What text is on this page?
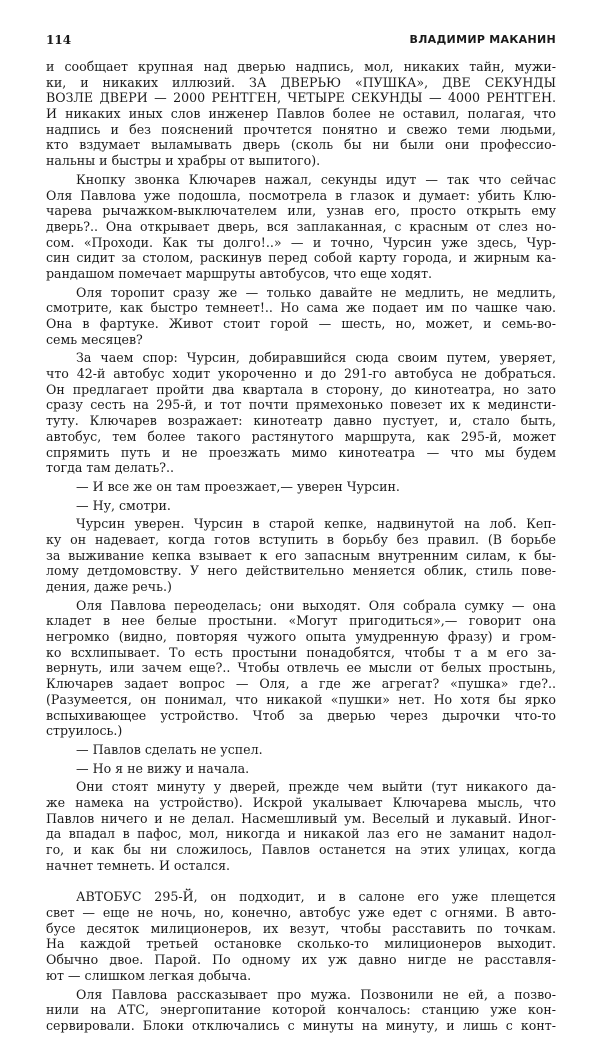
114	ВЛАДИМИР МАКАНИН
и сообщает крупная над дверью надпись, мол, никаких тайн, мужи-
ки, и никаких иллюзий. ЗА ДВЕРЬЮ «ПУШКА», ДВЕ СЕКУНДЫ
ВОЗЛЕ ДВЕРИ — 2000 РЕНТГЕН, ЧЕТЫРЕ СЕКУНДЫ — 4000 РЕНТГЕН.
И никаких иных слов инженер Павлов более не оставил, полагая, что
надпись и без пояснений прочтется понятно и свежо теми людьми,
кто вздумает выламывать дверь (сколь бы ни были они профессио-
нальны и быстры и храбры от выпитого).
Кнопку звонка Ключарев нажал, секунды идут — так что сейчас
Оля Павлова уже подошла, посмотрела в глазок и думает: убить Клю-
чарева рычажком-выключателем или, узнав его, просто открыть ему
дверь?.. Она открывает дверь, вся заплаканная, с красным от слез но-
сом. «Проходи. Как ты долго!..» — и точно, Чурсин уже здесь, Чур-
син сидит за столом, раскинув перед собой карту города, и жирным ка-
рандашом помечает маршруты автобусов, что еще ходят.
Оля торопит сразу же — только давайте не медлить, не медлить,
смотрите, как быстро темнеет!.. Но сама же подает им по чашке чаю.
Она в фартуке. Живот стоит горой — шесть, но, может, и семь-во-
семь месяцев?
За чаем спор: Чурсин, добиравшийся сюда своим путем, уверяет,
что 42-й автобус ходит укороченно и до 291-го автобуса не добраться.
Он предлагает пройти два квартала в сторону, до кинотеатра, но зато
сразу сесть на 295-й, и тот почти прямехонько повезет их к мединсти-
туту. Ключарев возражает: кинотеатр давно пустует, и, стало быть,
автобус, тем более такого растянутого маршрута, как 295-й, может
спрямить путь и не проезжать мимо кинотеатра — что мы будем
тогда там делать?..
— И все же он там проезжает,— уверен Чурсин.
— Ну, смотри.
Чурсин уверен. Чурсин в старой кепке, надвинутой на лоб. Кеп-
ку он надевает, когда готов вступить в борьбу без правил. (В борьбе
за выживание кепка взывает к его запасным внутренним силам, к бы-
лому детдомовству. У него действительно меняется облик, стиль пове-
дения, даже речь.)
Оля Павлова переоделась; они выходят. Оля собрала сумку — она
кладет в нее белые простыни. «Могут пригодиться»,— говорит она
негромко (видно, повторяя чужого опыта умудренную фразу) и гром-
ко всхлипывает. То есть простыни понадобятся, чтобы т а м его за-
вернуть, или зачем еще?.. Чтобы отвлечь ее мысли от белых простынь,
Ключарев задает вопрос — Оля, а где же агрегат? «пушка» где?..
(Разумеется, он понимал, что никакой «пушки» нет. Но хотя бы ярко
вспыхивающее устройство. Чтоб за дверью через дырочки что-то
струилось.)
— Павлов сделать не успел.
— Но я не вижу и начала.
Они стоят минуту у дверей, прежде чем выйти (тут никакого да-
же намека на устройство). Искрой укалывает Ключарева мысль, что
Павлов ничего и не делал. Насмешливый ум. Веселый и лукавый. Иног-
да впадал в пафос, мол, никогда и никакой лаз его не заманит надол-
го, и как бы ни сложилось, Павлов останется на этих улицах, когда
начнет темнеть. И остался.
АВТОБУС 295-Й, он подходит, и в салоне его уже плещется
свет — еще не ночь, но, конечно, автобус уже едет с огнями. В авто-
бусе десяток милиционеров, их везут, чтобы расставить по точкам.
На каждой третьей остановке сколько-то милиционеров выходит.
Обычно двое. Парой. По одному их уж давно нигде не расставля-
ют — слишком легкая добыча.
Оля Павлова рассказывает про мужа. Позвонили не ей, а позво-
нили на АТС, энергопитание которой кончалось: станцию уже кон-
сервировали. Блоки отключались с минуты на минуту, и лишь с конт-
